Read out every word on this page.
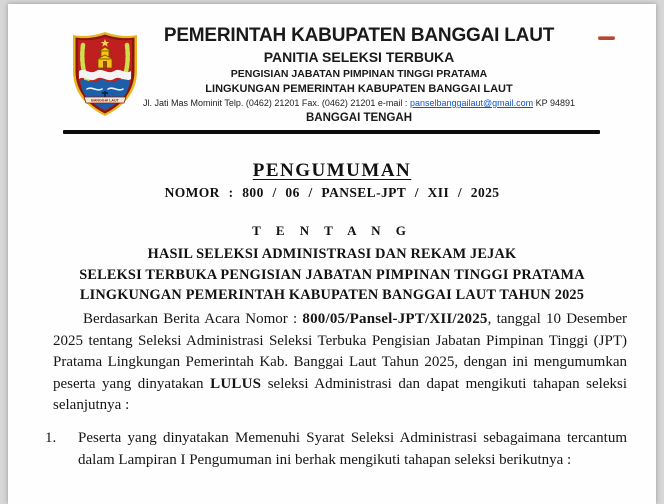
BANGGAI LAUT
PEMERINTAH KABUPATEN BANGGAI LAUT
PANITIA SELEKSI TERBUKA
PENGISIAN JABATAN PIMPINAN TINGGI PRATAMA
LINGKUNGAN PEMERINTAH KABUPATEN BANGGAI LAUT
Jl. Jati Mas Mominit Telp. (0462) 21201 Fax. (0462) 21201 e-mail : panselbanggailaut@gmail.com KP 94891
BANGGAI TENGAH
PENGUMUMAN
NOMOR : 800 / 06 / PANSEL-JPT / XII / 2025
T E N T A N G
HASIL SELEKSI ADMINISTRASI DAN REKAM JEJAK
SELEKSI TERBUKA PENGISIAN JABATAN PIMPINAN TINGGI PRATAMA
LINGKUNGAN PEMERINTAH KABUPATEN BANGGAI LAUT TAHUN 2025
Berdasarkan Berita Acara Nomor : 800/05/Pansel-JPT/XII/2025, tanggal 10 Desember 2025 tentang Seleksi Administrasi Seleksi Terbuka Pengisian Jabatan Pimpinan Tinggi (JPT) Pratama Lingkungan Pemerintah Kab. Banggai Laut Tahun 2025, dengan ini mengumumkan peserta yang dinyatakan LULUS seleksi Administrasi dan dapat mengikuti tahapan seleksi selanjutnya :
1. Peserta yang dinyatakan Memenuhi Syarat Seleksi Administrasi sebagaimana tercantum dalam Lampiran I Pengumuman ini berhak mengikuti tahapan seleksi berikutnya :
